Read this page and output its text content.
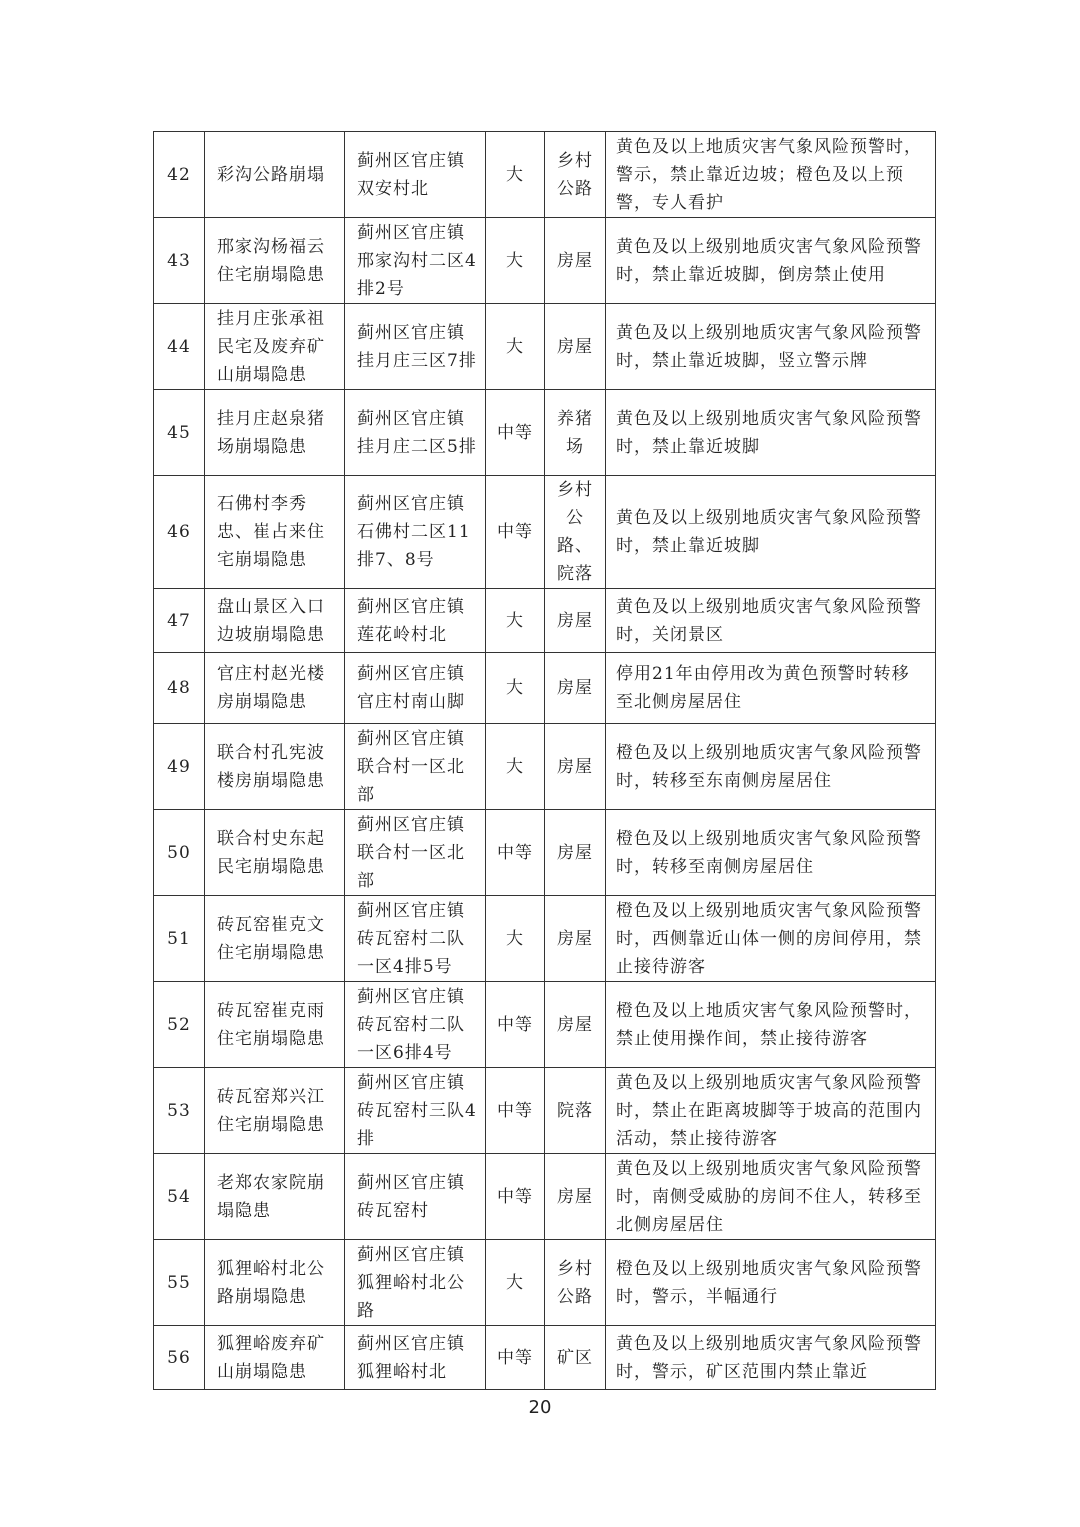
42	彩沟公路崩塌	蓟州区官庄镇双安村北	大	乡村公路	黄色及以上地质灾害气象风险预警时，警示，禁止靠近边坡；橙色及以上预警，专人看护
43	邢家沟杨福云住宅崩塌隐患	蓟州区官庄镇邢家沟村二区4排2号	大	房屋	黄色及以上级别地质灾害气象风险预警时，禁止靠近坡脚，倒房禁止使用
44	挂月庄张承祖民宅及废弃矿山崩塌隐患	蓟州区官庄镇挂月庄三区7排	大	房屋	黄色及以上级别地质灾害气象风险预警时，禁止靠近坡脚，竖立警示牌
45	挂月庄赵泉猪场崩塌隐患	蓟州区官庄镇挂月庄二区5排	中等	养猪场	黄色及以上级别地质灾害气象风险预警时，禁止靠近坡脚
46	石佛村李秀忠、崔占来住宅崩塌隐患	蓟州区官庄镇石佛村二区11排7、8号	中等	乡村公路、院落	黄色及以上级别地质灾害气象风险预警时，禁止靠近坡脚
47	盘山景区入口边坡崩塌隐患	蓟州区官庄镇莲花岭村北	大	房屋	黄色及以上级别地质灾害气象风险预警时，关闭景区
48	官庄村赵光楼房崩塌隐患	蓟州区官庄镇官庄村南山脚	大	房屋	停用21年由停用改为黄色预警时转移至北侧房屋居住
49	联合村孔宪波楼房崩塌隐患	蓟州区官庄镇联合村一区北部	大	房屋	橙色及以上级别地质灾害气象风险预警时，转移至东南侧房屋居住
50	联合村史东起民宅崩塌隐患	蓟州区官庄镇联合村一区北部	中等	房屋	橙色及以上级别地质灾害气象风险预警时，转移至南侧房屋居住
51	砖瓦窑崔克文住宅崩塌隐患	蓟州区官庄镇砖瓦窑村二队一区4排5号	大	房屋	橙色及以上级别地质灾害气象风险预警时，西侧靠近山体一侧的房间停用，禁止接待游客
52	砖瓦窑崔克雨住宅崩塌隐患	蓟州区官庄镇砖瓦窑村二队一区6排4号	中等	房屋	橙色及以上地质灾害气象风险预警时，禁止使用操作间，禁止接待游客
53	砖瓦窑郑兴江住宅崩塌隐患	蓟州区官庄镇砖瓦窑村三队4排	中等	院落	黄色及以上级别地质灾害气象风险预警时，禁止在距离坡脚等于坡高的范围内活动，禁止接待游客
54	老郑农家院崩塌隐患	蓟州区官庄镇砖瓦窑村	中等	房屋	黄色及以上级别地质灾害气象风险预警时，南侧受威胁的房间不住人，转移至北侧房屋居住
55	狐狸峪村北公路崩塌隐患	蓟州区官庄镇狐狸峪村北公路	大	乡村公路	橙色及以上级别地质灾害气象风险预警时，警示，半幅通行
56	狐狸峪废弃矿山崩塌隐患	蓟州区官庄镇狐狸峪村北	中等	矿区	黄色及以上级别地质灾害气象风险预警时，警示，矿区范围内禁止靠近
20
